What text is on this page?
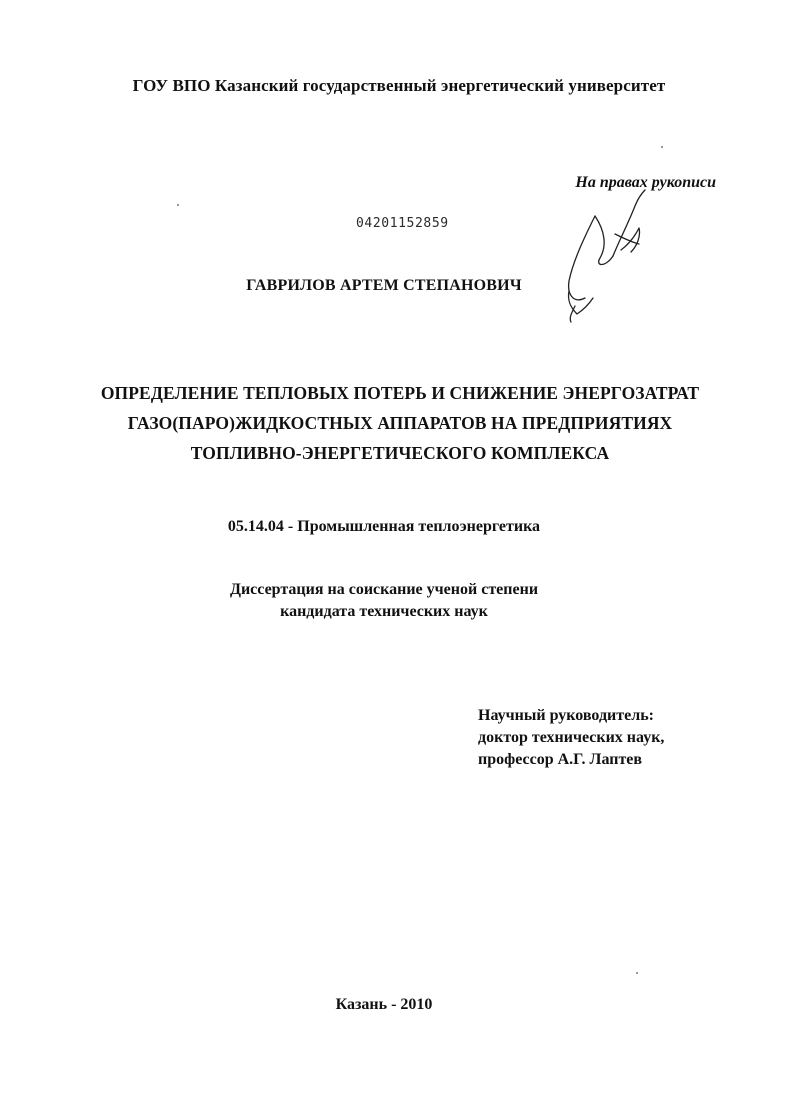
ГОУ ВПО Казанский государственный энергетический университет
На правах рукописи
04201152859
ГАВРИЛОВ АРТЕМ СТЕПАНОВИЧ
ОПРЕДЕЛЕНИЕ ТЕПЛОВЫХ ПОТЕРЬ И СНИЖЕНИЕ ЭНЕРГОЗАТРАТ
ГАЗО(ПАРО)ЖИДКОСТНЫХ АППАРАТОВ НА ПРЕДПРИЯТИЯХ
ТОПЛИВНО-ЭНЕРГЕТИЧЕСКОГО КОМПЛЕКСА
05.14.04 - Промышленная теплоэнергетика
Диссертация на соискание ученой степени
кандидата технических наук
Научный руководитель:
доктор технических наук,
профессор А.Г. Лаптев
Казань - 2010
